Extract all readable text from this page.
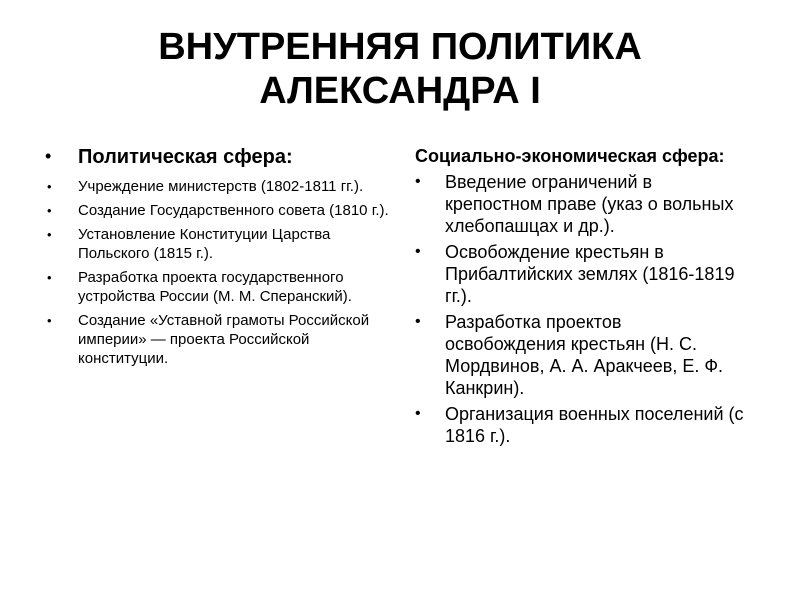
ВНУТРЕННЯЯ ПОЛИТИКА
АЛЕКСАНДРА I
• Политическая сфера:
• Учреждение министерств (1802-1811 гг.).
• Создание Государственного совета (1810 г.).
• Установление Конституции Царства Польского (1815 г.).
• Разработка проекта государственного устройства России (М. М. Сперанский).
• Создание «Уставной грамоты Российской империи» — проекта Российской конституции.
Социально-экономическая сфера:
• Введение ограничений в крепостном праве (указ о вольных хлебопашцах и др.).
• Освобождение крестьян в Прибалтийских землях (1816-1819 гг.).
• Разработка проектов освобождения крестьян (Н. С. Мордвинов, А. А. Аракчеев, Е. Ф. Канкрин).
• Организация военных поселений (с 1816 г.).
